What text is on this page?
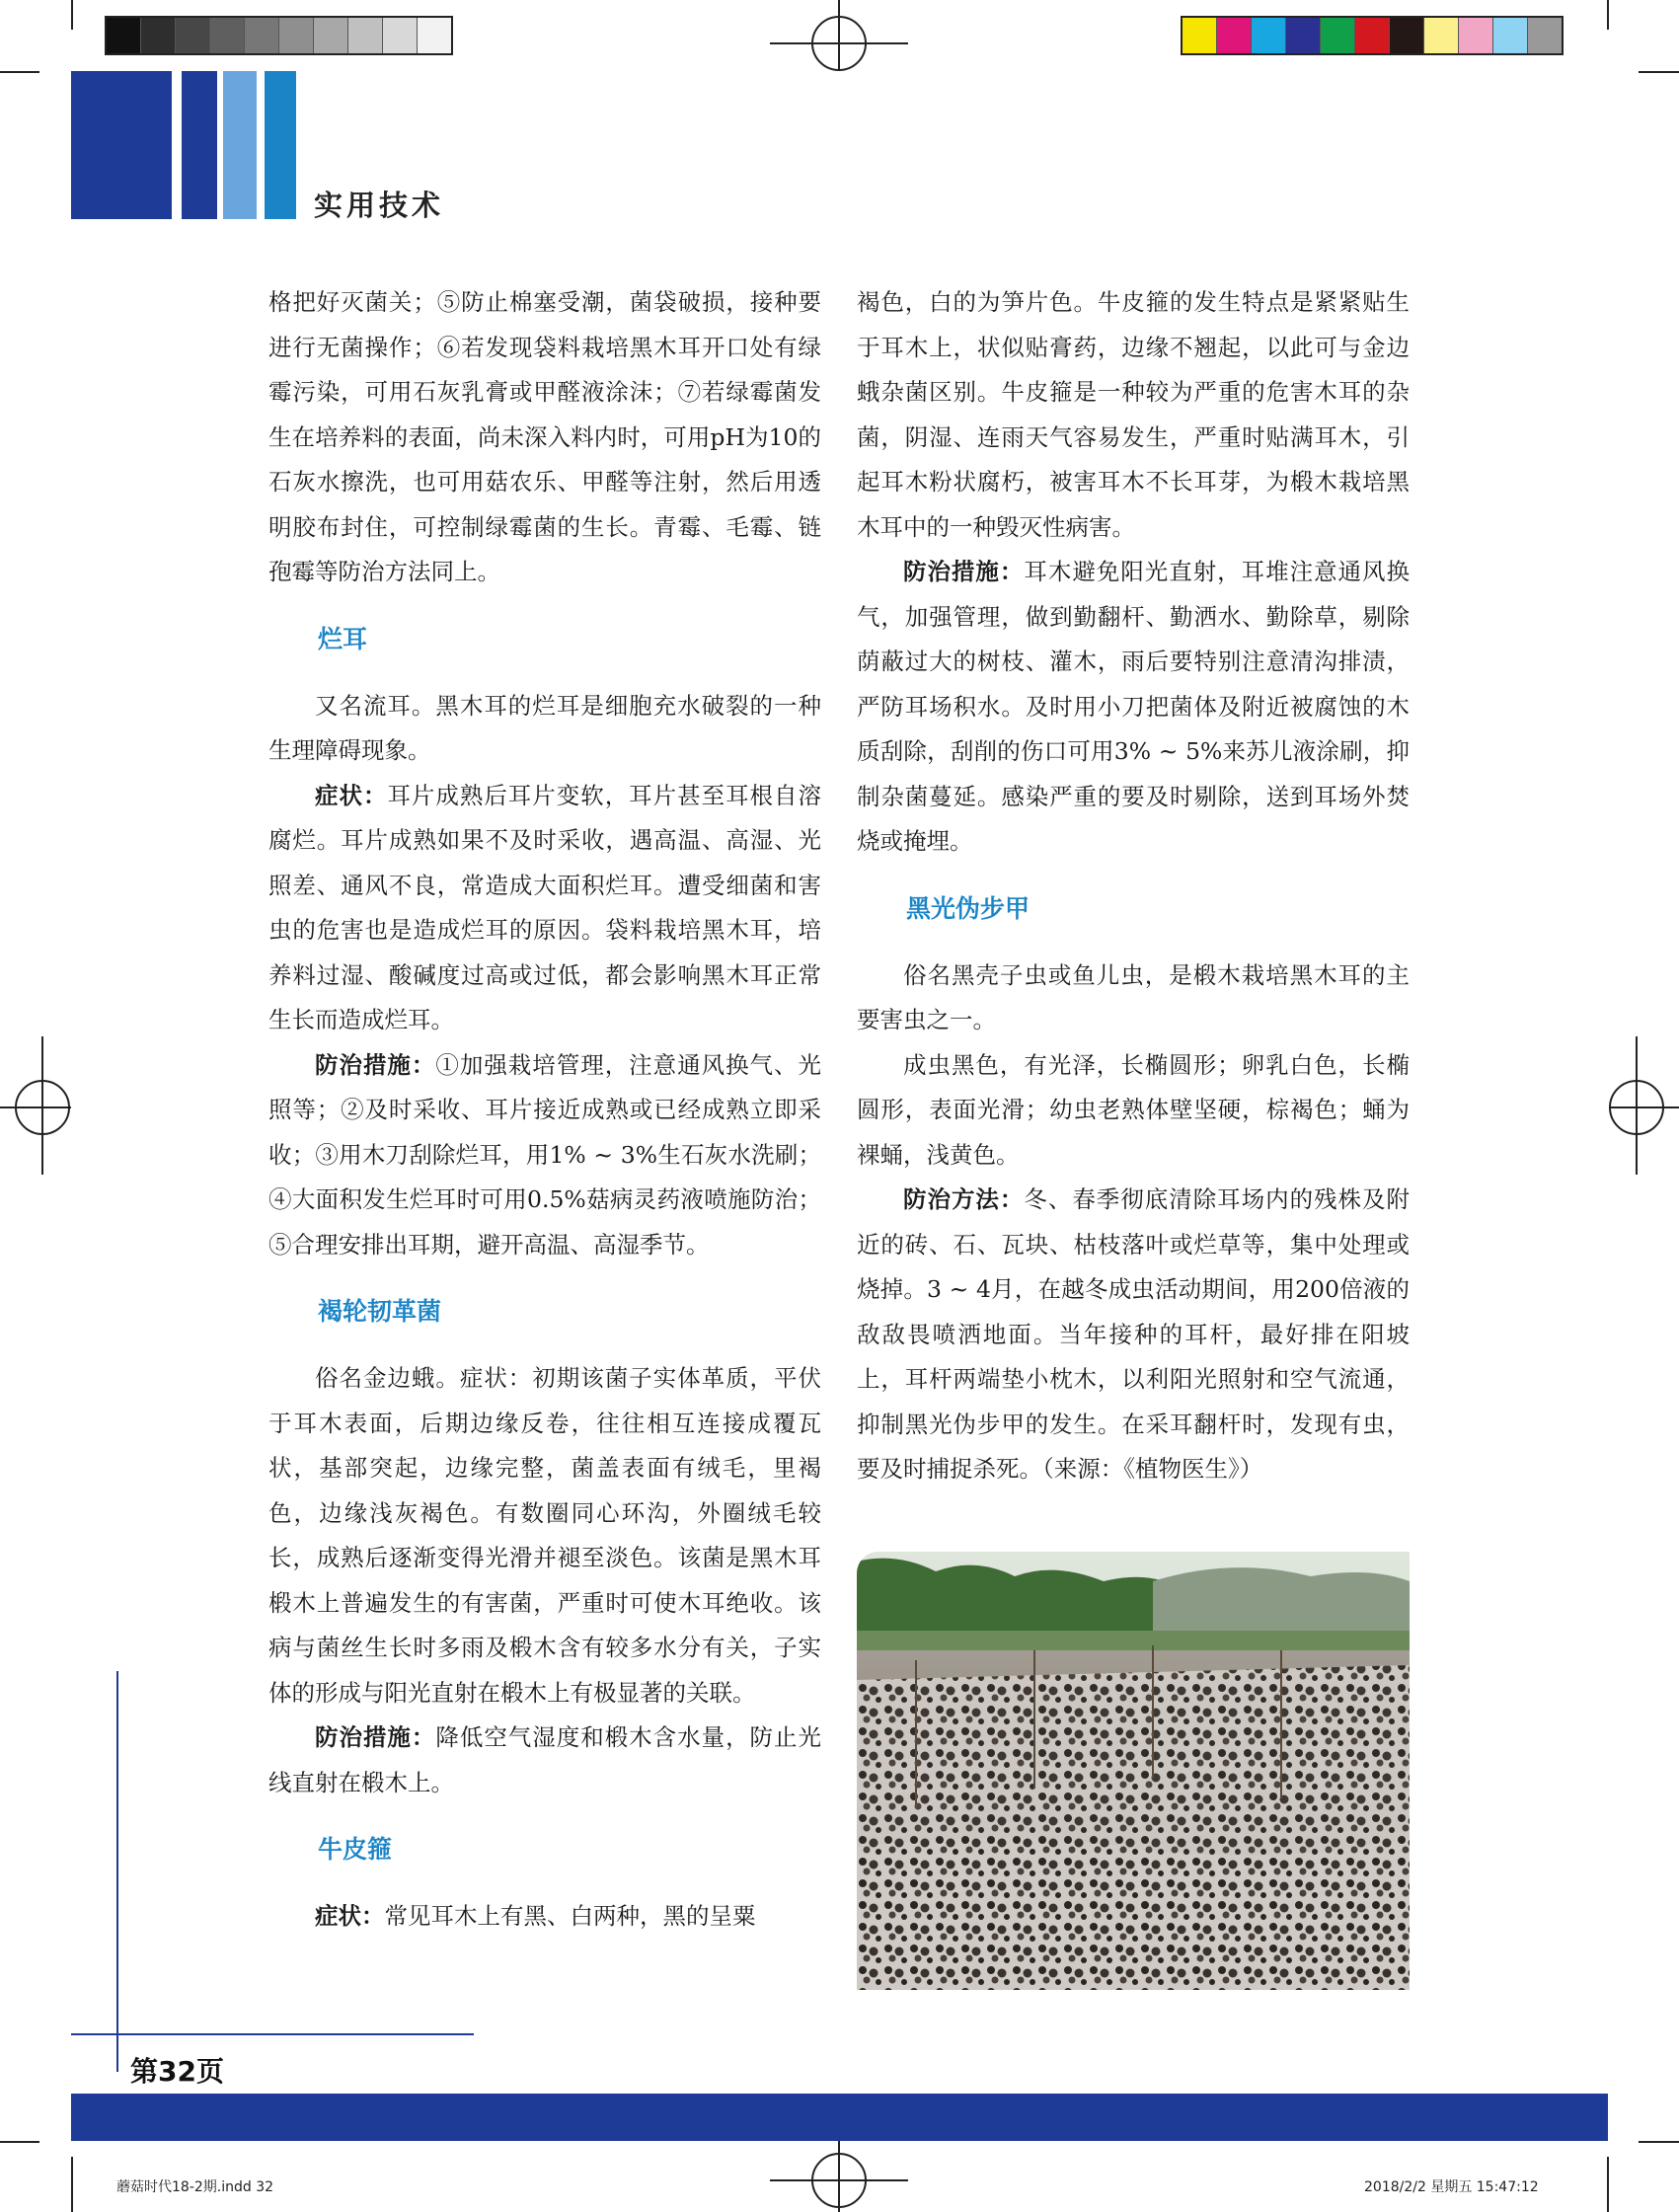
实用技术

格把好灭菌关；⑤防止棉塞受潮，菌袋破损，接种要进行无菌操作；⑥若发现袋料栽培黑木耳开口处有绿霉污染，可用石灰乳膏或甲醛液涂沫；⑦若绿霉菌发生在培养料的表面，尚未深入料内时，可用pH为10的石灰水擦洗，也可用菇农乐、甲醛等注射，然后用透明胶布封住，可控制绿霉菌的生长。青霉、毛霉、链孢霉等防治方法同上。

烂耳

又名流耳。黑木耳的烂耳是细胞充水破裂的一种生理障碍现象。

症状：耳片成熟后耳片变软，耳片甚至耳根自溶腐烂。耳片成熟如果不及时采收，遇高温、高湿、光照差、通风不良，常造成大面积烂耳。遭受细菌和害虫的危害也是造成烂耳的原因。袋料栽培黑木耳，培养料过湿、酸碱度过高或过低，都会影响黑木耳正常生长而造成烂耳。

防治措施：①加强栽培管理，注意通风换气、光照等；②及时采收、耳片接近成熟或已经成熟立即采收；③用木刀刮除烂耳，用1% ~ 3%生石灰水洗刷；④大面积发生烂耳时可用0.5%菇病灵药液喷施防治；⑤合理安排出耳期，避开高温、高湿季节。

褐轮韧革菌

俗名金边蛾。症状：初期该菌子实体革质，平伏于耳木表面，后期边缘反卷，往往相互连接成覆瓦状，基部突起，边缘完整，菌盖表面有绒毛，里褐色，边缘浅灰褐色。有数圈同心环沟，外圈绒毛较长，成熟后逐渐变得光滑并褪至淡色。该菌是黑木耳椴木上普遍发生的有害菌，严重时可使木耳绝收。该病与菌丝生长时多雨及椴木含有较多水分有关，子实体的形成与阳光直射在椴木上有极显著的关联。

防治措施：降低空气湿度和椴木含水量，防止光线直射在椴木上。

牛皮箍

症状：常见耳木上有黑、白两种，黑的呈粟

褐色，白的为笋片色。牛皮箍的发生特点是紧紧贴生于耳木上，状似贴膏药，边缘不翘起，以此可与金边蛾杂菌区别。牛皮箍是一种较为严重的危害木耳的杂菌，阴湿、连雨天气容易发生，严重时贴满耳木，引起耳木粉状腐朽，被害耳木不长耳芽，为椴木栽培黑木耳中的一种毁灭性病害。

防治措施：耳木避免阳光直射，耳堆注意通风换气，加强管理，做到勤翻杆、勤洒水、勤除草，剔除荫蔽过大的树枝、灌木，雨后要特别注意清沟排渍，严防耳场积水。及时用小刀把菌体及附近被腐蚀的木质刮除，刮削的伤口可用3% ~ 5%来苏儿液涂刷，抑制杂菌蔓延。感染严重的要及时剔除，送到耳场外焚烧或掩埋。

黑光伪步甲

俗名黑壳子虫或鱼儿虫，是椴木栽培黑木耳的主要害虫之一。

成虫黑色，有光泽，长椭圆形；卵乳白色，长椭圆形，表面光滑；幼虫老熟体壁坚硬，棕褐色；蛹为裸蛹，浅黄色。

防治方法：冬、春季彻底清除耳场内的残株及附近的砖、石、瓦块、枯枝落叶或烂草等，集中处理或烧掉。3 ~ 4月，在越冬成虫活动期间，用200倍液的敌敌畏喷洒地面。当年接种的耳杆，最好排在阳坡上，耳杆两端垫小枕木，以利阳光照射和空气流通，抑制黑光伪步甲的发生。在采耳翻杆时，发现有虫，要及时捕捉杀死。（来源：《植物医生》）

第32页
蘑菇时代18-2期.indd 32	2018/2/2 星期五 15:47:12
